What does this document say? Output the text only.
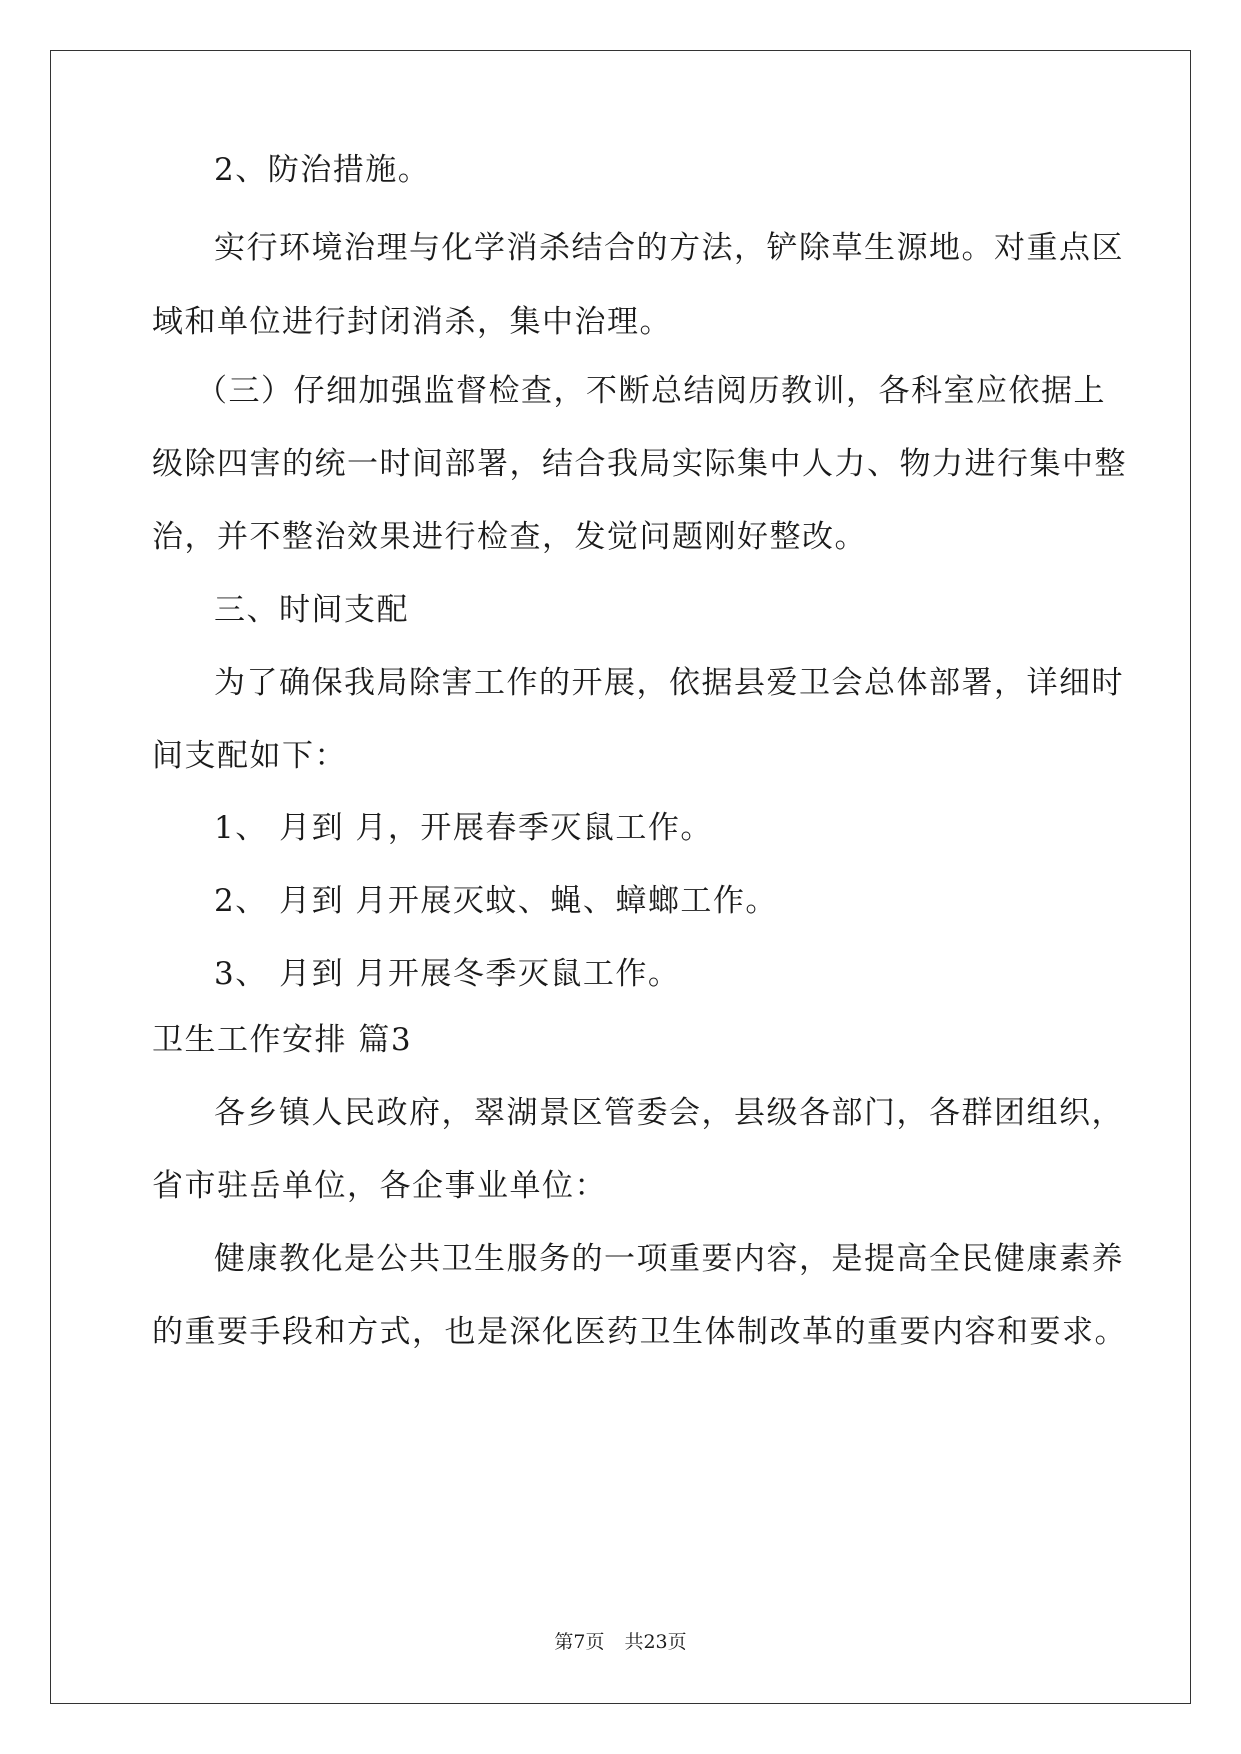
2、防治措施。
实行环境治理与化学消杀结合的方法，铲除草生源地。对重点区
域和单位进行封闭消杀，集中治理。
（三）仔细加强监督检查，不断总结阅历教训，各科室应依据上
级除四害的统一时间部署，结合我局实际集中人力、物力进行集中整
治，并不整治效果进行检查，发觉问题刚好整改。
三、时间支配
为了确保我局除害工作的开展，依据县爱卫会总体部署，详细时
间支配如下：
1、 月到 月，开展春季灭鼠工作。
2、 月到 月开展灭蚊、蝇、蟑螂工作。
3、 月到 月开展冬季灭鼠工作。
卫生工作安排 篇3
各乡镇人民政府，翠湖景区管委会，县级各部门，各群团组织，
省市驻岳单位，各企事业单位：
健康教化是公共卫生服务的一项重要内容，是提高全民健康素养
的重要手段和方式，也是深化医药卫生体制改革的重要内容和要求。
第7页 共23页
